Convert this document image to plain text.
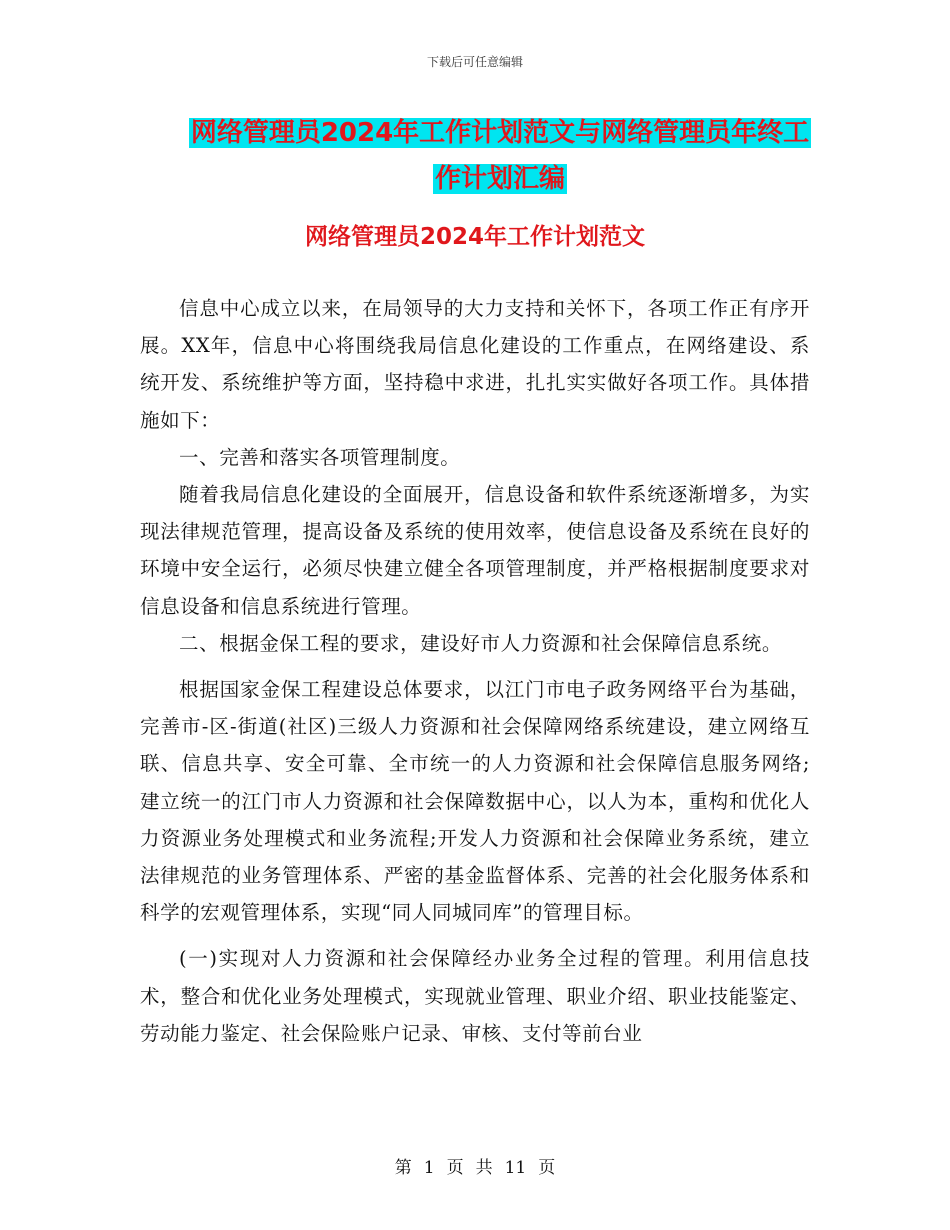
下载后可任意编辑
网络管理员2024年工作计划范文与网络管理员年终工
作计划汇编
网络管理员2024年工作计划范文

信息中心成立以来，在局领导的大力支持和关怀下，各项工作正有序开展。XX年，信息中心将围绕我局信息化建设的工作重点，在网络建设、系统开发、系统维护等方面，坚持稳中求进，扎扎实实做好各项工作。具体措施如下：

一、完善和落实各项管理制度。

随着我局信息化建设的全面展开，信息设备和软件系统逐渐增多，为实现法律规范管理，提高设备及系统的使用效率，使信息设备及系统在良好的环境中安全运行，必须尽快建立健全各项管理制度，并严格根据制度要求对信息设备和信息系统进行管理。

二、根据金保工程的要求，建设好市人力资源和社会保障信息系统。

根据国家金保工程建设总体要求，以江门市电子政务网络平台为基础，完善市-区-街道(社区)三级人力资源和社会保障网络系统建设，建立网络互联、信息共享、安全可靠、全市统一的人力资源和社会保障信息服务网络;建立统一的江门市人力资源和社会保障数据中心，以人为本，重构和优化人力资源业务处理模式和业务流程;开发人力资源和社会保障业务系统，建立法律规范的业务管理体系、严密的基金监督体系、完善的社会化服务体系和科学的宏观管理体系，实现“同人同城同库”的管理目标。

(一)实现对人力资源和社会保障经办业务全过程的管理。利用信息技术，整合和优化业务处理模式，实现就业管理、职业介绍、职业技能鉴定、劳动能力鉴定、社会保险账户记录、审核、支付等前台业

第 1 页 共 11 页
